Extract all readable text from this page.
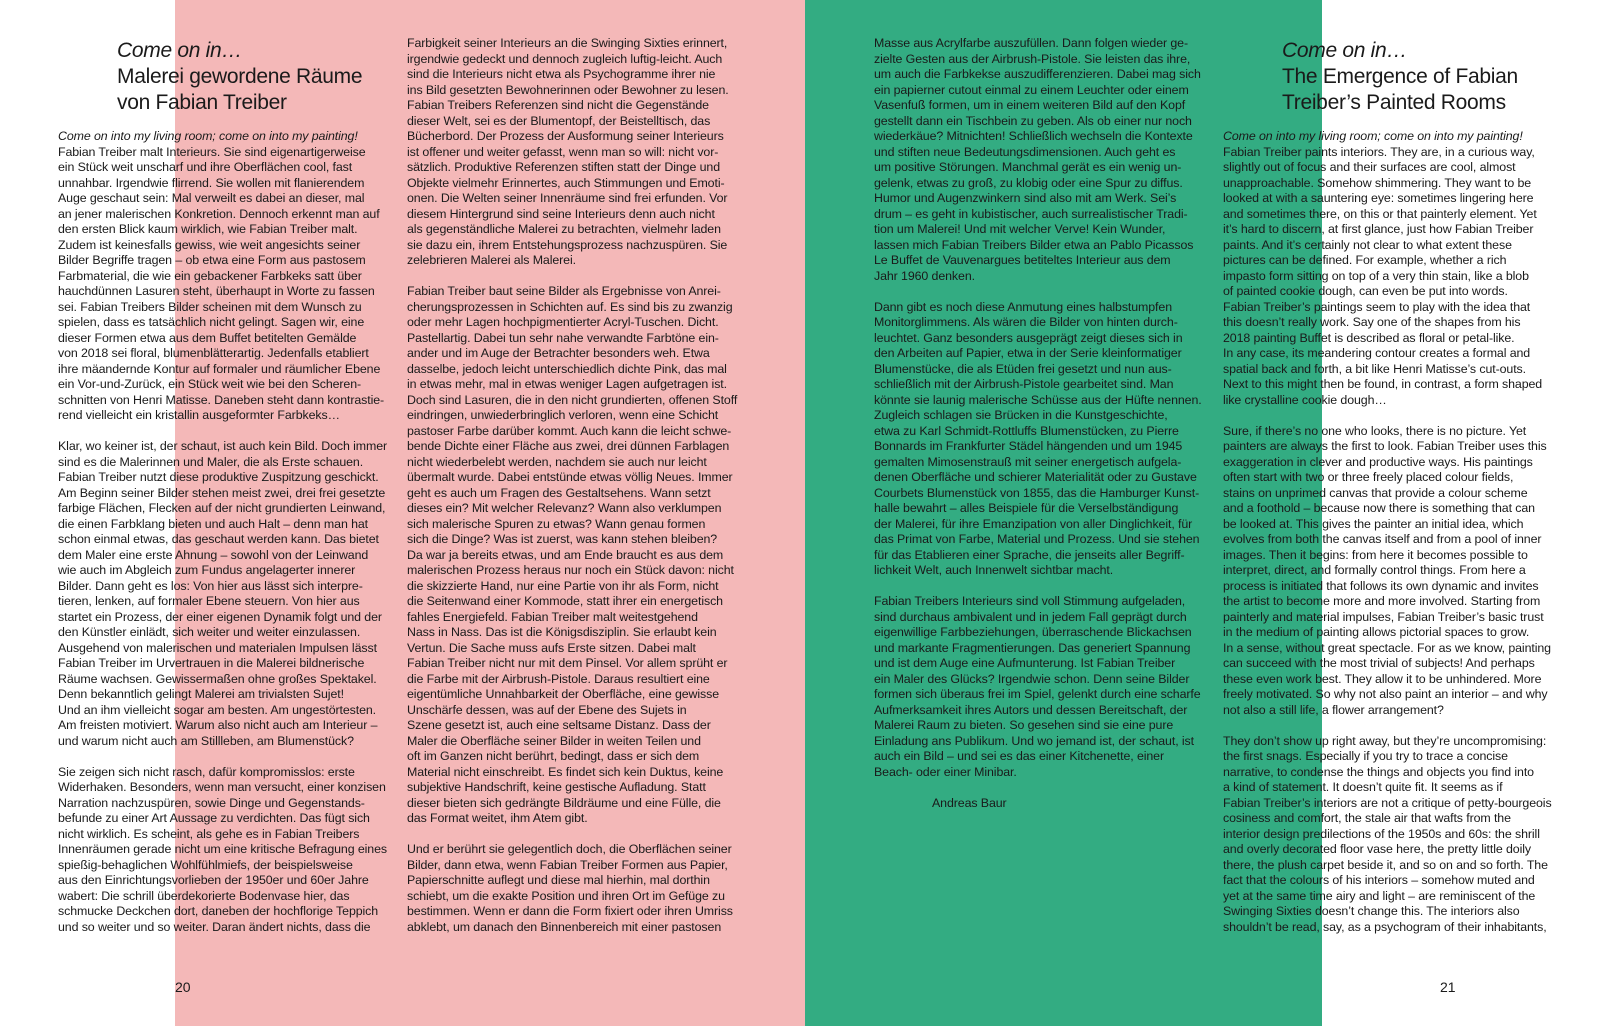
Come on in…
Malerei gewordene Räume
von Fabian Treiber

Come on into my living room; come on into my painting!

Fabian Treiber malt Interieurs. Sie sind eigenartigerweise
ein Stück weit unscharf und ihre Oberflächen cool, fast
unnahbar. Irgendwie flirrend. Sie wollen mit flanierendem
Auge geschaut sein: Mal verweilt es dabei an dieser, mal
an jener malerischen Konkretion. Dennoch erkennt man auf
den ersten Blick kaum wirklich, wie Fabian Treiber malt.
Zudem ist keinesfalls gewiss, wie weit angesichts seiner
Bilder Begriffe tragen – ob etwa eine Form aus pastosem
Farbmaterial, die wie ein gebackener Farbkeks satt über
hauchdünnen Lasuren steht, überhaupt in Worte zu fassen
sei. Fabian Treibers Bilder scheinen mit dem Wunsch zu
spielen, dass es tatsächlich nicht gelingt. Sagen wir, eine
dieser Formen etwa aus dem Buffet betitelten Gemälde
von 2018 sei floral, blumenblätterartig. Jedenfalls etabliert
ihre mäandernde Kontur auf formaler und räumlicher Ebene
ein Vor-und-Zurück, ein Stück weit wie bei den Scheren-
schnitten von Henri Matisse. Daneben steht dann kontrastie-
rend vielleicht ein kristallin ausgeformter Farbkeks…

Klar, wo keiner ist, der schaut, ist auch kein Bild. Doch immer
sind es die Malerinnen und Maler, die als Erste schauen.
Fabian Treiber nutzt diese produktive Zuspitzung geschickt.
Am Beginn seiner Bilder stehen meist zwei, drei frei gesetzte
farbige Flächen, Flecken auf der nicht grundierten Leinwand,
die einen Farbklang bieten und auch Halt – denn man hat
schon einmal etwas, das geschaut werden kann. Das bietet
dem Maler eine erste Ahnung – sowohl von der Leinwand
wie auch im Abgleich zum Fundus angelagerter innerer
Bilder. Dann geht es los: Von hier aus lässt sich interpre-
tieren, lenken, auf formaler Ebene steuern. Von hier aus
startet ein Prozess, der einer eigenen Dynamik folgt und der
den Künstler einlädt, sich weiter und weiter einzulassen.
Ausgehend von malerischen und materialen Impulsen lässt
Fabian Treiber im Urvertrauen in die Malerei bildnerische
Räume wachsen. Gewissermaßen ohne großes Spektakel.
Denn bekanntlich gelingt Malerei am trivialsten Sujet!
Und an ihm vielleicht sogar am besten. Am ungestörtesten.
Am freisten motiviert. Warum also nicht auch am Interieur –
und warum nicht auch am Stillleben, am Blumenstück?

Sie zeigen sich nicht rasch, dafür kompromisslos: erste
Widerhaken. Besonders, wenn man versucht, einer konzisen
Narration nachzuspüren, sowie Dinge und Gegenstands-
befunde zu einer Art Aussage zu verdichten. Das fügt sich
nicht wirklich. Es scheint, als gehe es in Fabian Treibers
Innenräumen gerade nicht um eine kritische Befragung eines
spießig-behaglichen Wohlfühlmiefs, der beispielsweise
aus den Einrichtungsvorlieben der 1950er und 60er Jahre
wabert: Die schrill überdekorierte Bodenvase hier, das
schmucke Deckchen dort, daneben der hochflorige Teppich
und so weiter und so weiter. Daran ändert nichts, dass die

Farbigkeit seiner Interieurs an die Swinging Sixties erinnert,
irgendwie gedeckt und dennoch zugleich luftig-leicht. Auch
sind die Interieurs nicht etwa als Psychogramme ihrer nie
ins Bild gesetzten Bewohnerinnen oder Bewohner zu lesen.
Fabian Treibers Referenzen sind nicht die Gegenstände
dieser Welt, sei es der Blumentopf, der Beistelltisch, das
Bücherbord. Der Prozess der Ausformung seiner Interieurs
ist offener und weiter gefasst, wenn man so will: nicht vor-
sätzlich. Produktive Referenzen stiften statt der Dinge und
Objekte vielmehr Erinnertes, auch Stimmungen und Emoti-
onen. Die Welten seiner Innenräume sind frei erfunden. Vor
diesem Hintergrund sind seine Interieurs denn auch nicht
als gegenständliche Malerei zu betrachten, vielmehr laden
sie dazu ein, ihrem Entstehungsprozess nachzuspüren. Sie
zelebrieren Malerei als Malerei.

Fabian Treiber baut seine Bilder als Ergebnisse von Anrei-
cherungsprozessen in Schichten auf. Es sind bis zu zwanzig
oder mehr Lagen hochpigmentierter Acryl-Tuschen. Dicht.
Pastellartig. Dabei tun sehr nahe verwandte Farbtöne ein-
ander und im Auge der Betrachter besonders weh. Etwa
dasselbe, jedoch leicht unterschiedlich dichte Pink, das mal
in etwas mehr, mal in etwas weniger Lagen aufgetragen ist.
Doch sind Lasuren, die in den nicht grundierten, offenen Stoff
eindringen, unwiederbringlich verloren, wenn eine Schicht
pastoser Farbe darüber kommt. Auch kann die leicht schwe-
bende Dichte einer Fläche aus zwei, drei dünnen Farblagen
nicht wiederbelebt werden, nachdem sie auch nur leicht
übermalt wurde. Dabei entstünde etwas völlig Neues. Immer
geht es auch um Fragen des Gestaltsehens. Wann setzt
dieses ein? Mit welcher Relevanz? Wann also verklumpen
sich malerische Spuren zu etwas? Wann genau formen
sich die Dinge? Was ist zuerst, was kann stehen bleiben?
Da war ja bereits etwas, und am Ende braucht es aus dem
malerischen Prozess heraus nur noch ein Stück davon: nicht
die skizzierte Hand, nur eine Partie von ihr als Form, nicht
die Seitenwand einer Kommode, statt ihrer ein energetisch
fahles Energiefeld. Fabian Treiber malt weitestgehend
Nass in Nass. Das ist die Königsdisziplin. Sie erlaubt kein
Vertun. Die Sache muss aufs Erste sitzen. Dabei malt
Fabian Treiber nicht nur mit dem Pinsel. Vor allem sprüht er
die Farbe mit der Airbrush-Pistole. Daraus resultiert eine
eigentümliche Unnahbarkeit der Oberfläche, eine gewisse
Unschärfe dessen, was auf der Ebene des Sujets in
Szene gesetzt ist, auch eine seltsame Distanz. Dass der
Maler die Oberfläche seiner Bilder in weiten Teilen und
oft im Ganzen nicht berührt, bedingt, dass er sich dem
Material nicht einschreibt. Es findet sich kein Duktus, keine
subjektive Handschrift, keine gestische Aufladung. Statt
dieser bieten sich gedrängte Bildräume und eine Fülle, die
das Format weitet, ihm Atem gibt.

Und er berührt sie gelegentlich doch, die Oberflächen seiner
Bilder, dann etwa, wenn Fabian Treiber Formen aus Papier,
Papierschnitte auflegt und diese mal hierhin, mal dorthin
schiebt, um die exakte Position und ihren Ort im Gefüge zu
bestimmen. Wenn er dann die Form fixiert oder ihren Umriss
abklebt, um danach den Binnenbereich mit einer pastosen

20

Masse aus Acrylfarbe auszufüllen. Dann folgen wieder ge-
zielte Gesten aus der Airbrush-Pistole. Sie leisten das ihre,
um auch die Farbkekse auszudifferenzieren. Dabei mag sich
ein papierner cutout einmal zu einem Leuchter oder einem
Vasenfuß formen, um in einem weiteren Bild auf den Kopf
gestellt dann ein Tischbein zu geben. Als ob einer nur noch
wiederkäue? Mitnichten! Schließlich wechseln die Kontexte
und stiften neue Bedeutungsdimensionen. Auch geht es
um positive Störungen. Manchmal gerät es ein wenig un-
gelenk, etwas zu groß, zu klobig oder eine Spur zu diffus.
Humor und Augenzwinkern sind also mit am Werk. Sei’s
drum – es geht in kubistischer, auch surrealistischer Tradi-
tion um Malerei! Und mit welcher Verve! Kein Wunder,
lassen mich Fabian Treibers Bilder etwa an Pablo Picassos
Le Buffet de Vauvenargues betiteltes Interieur aus dem
Jahr 1960 denken.

Dann gibt es noch diese Anmutung eines halbstumpfen
Monitorglimmens. Als wären die Bilder von hinten durch-
leuchtet. Ganz besonders ausgeprägt zeigt dieses sich in
den Arbeiten auf Papier, etwa in der Serie kleinformatiger
Blumenstücke, die als Etüden frei gesetzt und nun aus-
schließlich mit der Airbrush-Pistole gearbeitet sind. Man
könnte sie launig malerische Schüsse aus der Hüfte nennen.
Zugleich schlagen sie Brücken in die Kunstgeschichte,
etwa zu Karl Schmidt-Rottluffs Blumenstücken, zu Pierre
Bonnards im Frankfurter Städel hängenden und um 1945
gemalten Mimosenstrauß mit seiner energetisch aufgela-
denen Oberfläche und schierer Materialität oder zu Gustave
Courbets Blumenstück von 1855, das die Hamburger Kunst-
halle bewahrt – alles Beispiele für die Verselbständigung
der Malerei, für ihre Emanzipation von aller Dinglichkeit, für
das Primat von Farbe, Material und Prozess. Und sie stehen
für das Etablieren einer Sprache, die jenseits aller Begriff-
lichkeit Welt, auch Innenwelt sichtbar macht.

Fabian Treibers Interieurs sind voll Stimmung aufgeladen,
sind durchaus ambivalent und in jedem Fall geprägt durch
eigenwillige Farbbeziehungen, überraschende Blickachsen
und markante Fragmentierungen. Das generiert Spannung
und ist dem Auge eine Aufmunterung. Ist Fabian Treiber
ein Maler des Glücks? Irgendwie schon. Denn seine Bilder
formen sich überaus frei im Spiel, gelenkt durch eine scharfe
Aufmerksamkeit ihres Autors und dessen Bereitschaft, der
Malerei Raum zu bieten. So gesehen sind sie eine pure
Einladung ans Publikum. Und wo jemand ist, der schaut, ist
auch ein Bild – und sei es das einer Kitchenette, einer
Beach- oder einer Minibar.

Andreas Baur

Come on in…
The Emergence of Fabian
Treiber’s Painted Rooms

Come on into my living room; come on into my painting!

Fabian Treiber paints interiors. They are, in a curious way,
slightly out of focus and their surfaces are cool, almost
unapproachable. Somehow shimmering. They want to be
looked at with a sauntering eye: sometimes lingering here
and sometimes there, on this or that painterly element. Yet
it’s hard to discern, at first glance, just how Fabian Treiber
paints. And it’s certainly not clear to what extent these
pictures can be defined. For example, whether a rich
impasto form sitting on top of a very thin stain, like a blob
of painted cookie dough, can even be put into words.
Fabian Treiber’s paintings seem to play with the idea that
this doesn’t really work. Say one of the shapes from his
2018 painting Buffet is described as floral or petal-like.
In any case, its meandering contour creates a formal and
spatial back and forth, a bit like Henri Matisse’s cut-outs.
Next to this might then be found, in contrast, a form shaped
like crystalline cookie dough…

Sure, if there’s no one who looks, there is no picture. Yet
painters are always the first to look. Fabian Treiber uses this
exaggeration in clever and productive ways. His paintings
often start with two or three freely placed colour fields,
stains on unprimed canvas that provide a colour scheme
and a foothold – because now there is something that can
be looked at. This gives the painter an initial idea, which
evolves from both the canvas itself and from a pool of inner
images. Then it begins: from here it becomes possible to
interpret, direct, and formally control things. From here a
process is initiated that follows its own dynamic and invites
the artist to become more and more involved. Starting from
painterly and material impulses, Fabian Treiber’s basic trust
in the medium of painting allows pictorial spaces to grow.
In a sense, without great spectacle. For as we know, painting
can succeed with the most trivial of subjects! And perhaps
these even work best. They allow it to be unhindered. More
freely motivated. So why not also paint an interior – and why
not also a still life, a flower arrangement?

They don’t show up right away, but they’re uncompromising:
the first snags. Especially if you try to trace a concise
narrative, to condense the things and objects you find into
a kind of statement. It doesn’t quite fit. It seems as if
Fabian Treiber’s interiors are not a critique of petty-bourgeois
cosiness and comfort, the stale air that wafts from the
interior design predilections of the 1950s and 60s: the shrill
and overly decorated floor vase here, the pretty little doily
there, the plush carpet beside it, and so on and so forth. The
fact that the colours of his interiors – somehow muted and
yet at the same time airy and light – are reminiscent of the
Swinging Sixties doesn’t change this. The interiors also
shouldn’t be read, say, as a psychogram of their inhabitants,

21
